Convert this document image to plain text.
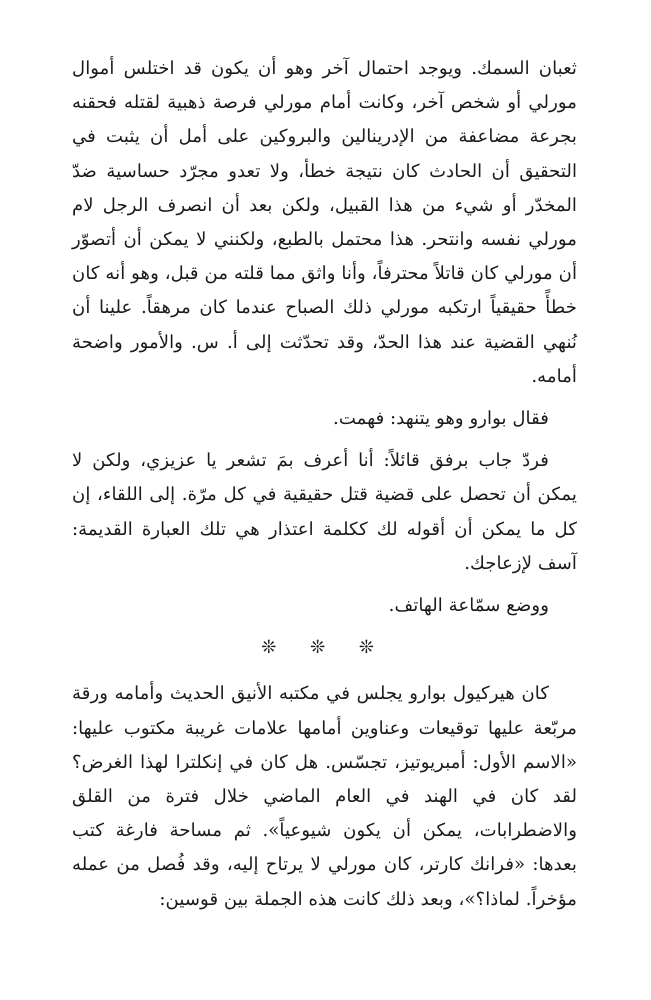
ثعبان السمك. ويوجد احتمال آخر وهو أن يكون قد اختلس أموال مورلي أو شخص آخر، وكانت أمام مورلي فرصة ذهبية لقتله فحقنه بجرعة مضاعفة من الإدرينالين والبروكين على أمل أن يثبت في التحقيق أن الحادث كان نتيجة خطأ، ولا تعدو مجرّد حساسية ضدّ المخدّر أو شيء من هذا القبيل، ولكن بعد أن انصرف الرجل لام مورلي نفسه وانتحر. هذا محتمل بالطبع، ولكنني لا يمكن أن أتصوّر أن مورلي كان قاتلاً محترفاً، وأنا واثق مما قلته من قبل، وهو أنه كان خطأً حقيقياً ارتكبه مورلي ذلك الصباح عندما كان مرهقاً. علينا أن نُنهي القضية عند هذا الحدّ، وقد تحدّثت إلى أ. س. والأمور واضحة أمامه.

فقال بوارو وهو يتنهد: فهمت.

فردّ جاب برفق قائلاً: أنا أعرف بمَ تشعر يا عزيزي، ولكن لا يمكن أن تحصل على قضية قتل حقيقية في كل مرّة. إلى اللقاء، إن كل ما يمكن أن أقوله لك ككلمة اعتذار هي تلك العبارة القديمة: آسف لإزعاجك.

ووضع سمّاعة الهاتف.

❊ ❊ ❊

كان هيركيول بوارو يجلس في مكتبه الأنيق الحديث وأمامه ورقة مربّعة عليها توقيعات وعناوين أمامها علامات غريبة مكتوب عليها: «الاسم الأول: أمبريوتيز، تجسّس. هل كان في إنكلترا لهذا الغرض؟ لقد كان في الهند في العام الماضي خلال فترة من القلق والاضطرابات، يمكن أن يكون شيوعياً». ثم مساحة فارغة كتب بعدها: «فرانك كارتر، كان مورلي لا يرتاح إليه، وقد فُصل من عمله مؤخراً. لماذا؟»، وبعد ذلك كانت هذه الجملة بين قوسين:
